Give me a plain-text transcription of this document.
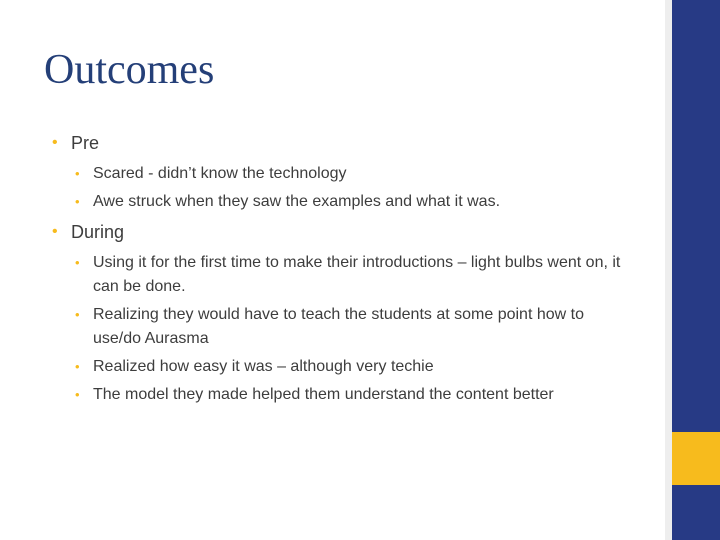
Outcomes
• Pre
• Scared - didn’t know the technology
• Awe struck when they saw the examples and what it was.
• During
• Using it for the first time to make their introductions – light bulbs went on, it can be done.
• Realizing they would have to teach the students at some point how to use/do Aurasma
• Realized how easy it was – although very techie
• The model they made helped them understand the content better
